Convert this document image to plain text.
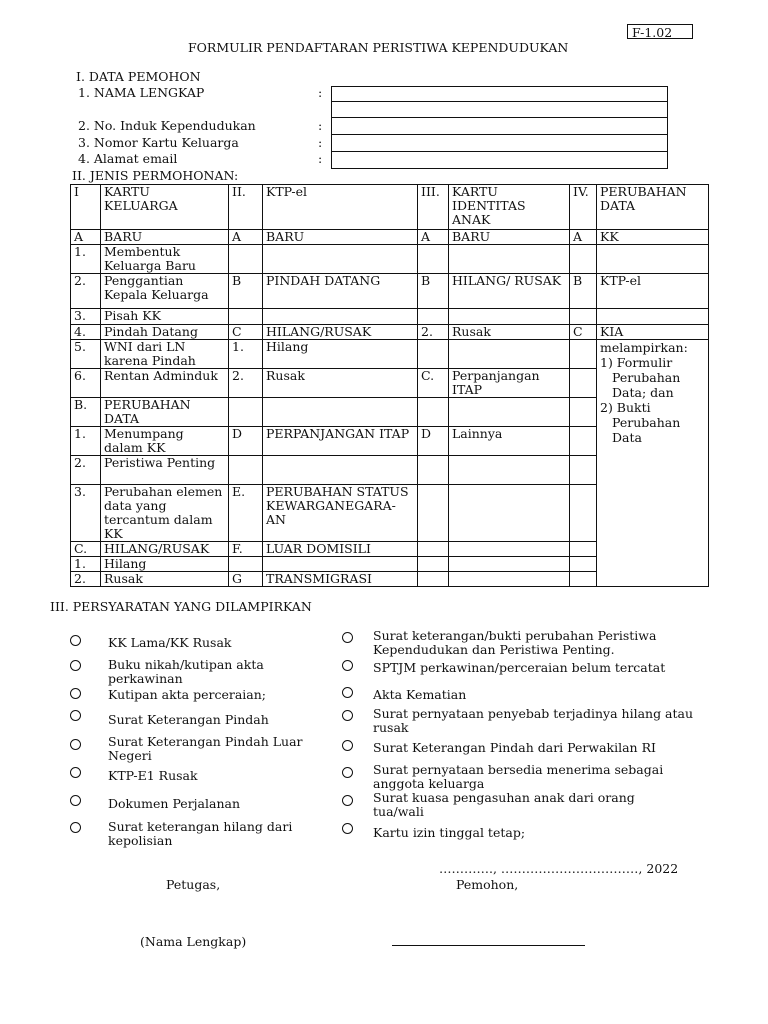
F-1.02
FORMULIR PENDAFTARAN PERISTIWA KEPENDUDUKAN
I. DATA PEMOHON
1. NAMA LENGKAP	:
2. No. Induk Kependudukan	:
3. Nomor Kartu Keluarga	:
4. Alamat email	:
II. JENIS PERMOHONAN:
I	KARTU KELUARGA	II.	KTP-el	III.	KARTU IDENTITAS ANAK	IV.	PERUBAHAN DATA	
A	BARU	A	BARU	A	BARU	A	KK	
1.	Membentuk Keluarga Baru							
2.	Penggantian Kepala Keluarga	B	PINDAH DATANG	B	HILANG/ RUSAK	B	KTP-el	
3.	Pisah KK							
4.	Pindah Datang	C	HILANG/RUSAK	2.	Rusak	C	KIA	
5.	WNI dari LN karena Pindah	1.	Hilang				melampirkan:
1) Formulir Perubahan Data; dan
2) Bukti Perubahan Data	

6.	Rentan Adminduk	2.	Rusak	C.	Perpanjangan ITAP			
B.	PERUBAHAN DATA							
1.	Menumpang dalam KK	D	PERPANJANGAN ITAP	D	Lainnya			
2.	Peristiwa Penting							
3.	Perubahan elemen data yang tercantum dalam KK	E.	PERUBAHAN STATUS KEWARGANEGARA-AN					
C.	HILANG/RUSAK	F.	LUAR DOMISILI					
1.	Hilang							
2.	Rusak	G	TRANSMIGRASI					
III. PERSYARATAN YANG DILAMPIRKAN
KK Lama/KK Rusak
Buku nikah/kutipan akta perkawinan
Kutipan akta perceraian;
Surat Keterangan Pindah
Surat Keterangan Pindah Luar Negeri
KTP-E1 Rusak
Dokumen Perjalanan
Surat keterangan hilang dari kepolisian
Surat keterangan/bukti perubahan Peristiwa Kependudukan dan Peristiwa Penting.
SPTJM perkawinan/perceraian belum tercatat
Akta Kematian
Surat pernyataan penyebab terjadinya hilang atau rusak
Surat Keterangan Pindah dari Perwakilan RI
Surat pernyataan bersedia menerima sebagai anggota keluarga
Surat kuasa pengasuhan anak dari orang tua/wali
Kartu izin tinggal tetap;
…………., ……………………………, 2022
Petugas,	Pemohon,
(Nama Lengkap)
